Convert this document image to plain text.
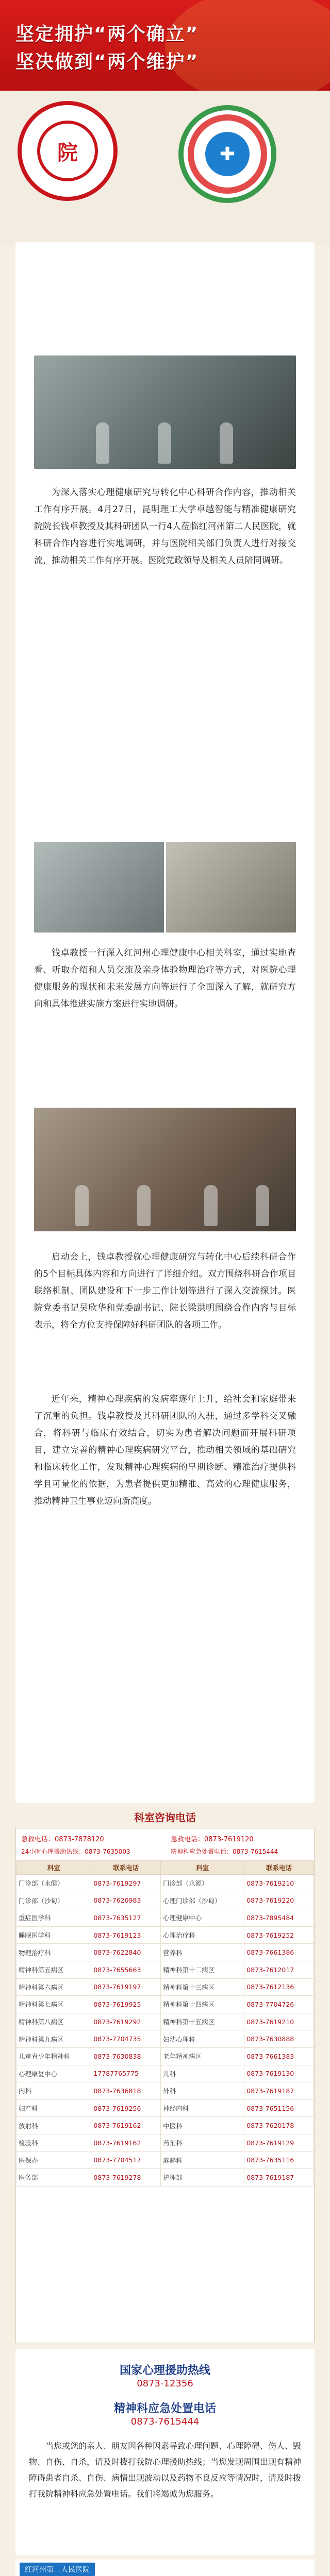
坚定拥护“两个确立”
坚决做到“两个维护”
院	✚
为深入落实心理健康研究与转化中心科研合作内容，推动相关工作有序开展。4月27日，昆明理工大学卓越智能与精准健康研究院院长钱卓教授及其科研团队一行4人莅临红河州第二人民医院，就科研合作内容进行实地调研，并与医院相关部门负责人进行对接交流，推动相关工作有序开展。医院党政领导及相关人员陪同调研。
钱卓教授一行深入红河州心理健康中心相关科室，通过实地查看、听取介绍和人员交流及亲身体验物理治疗等方式，对医院心理健康服务的现状和未来发展方向等进行了全面深入了解，就研究方向和具体推进实施方案进行实地调研。
启动会上，钱卓教授就心理健康研究与转化中心后续科研合作的5个目标具体内容和方向进行了详细介绍。双方围绕科研合作项目联络机制、团队建设和下一步工作计划等进行了深入交流探讨。医院党委书记吴欣华和党委副书记、院长梁洪明围绕合作内容与目标表示，将全方位支持保障好科研团队的各项工作。
近年来，精神心理疾病的发病率逐年上升，给社会和家庭带来了沉重的负担。钱卓教授及其科研团队的入驻，通过多学科交叉融合，将科研与临床有效结合，切实为患者解决问题而开展科研项目，建立完善的精神心理疾病研究平台，推动相关领域的基础研究和临床转化工作，发现精神心理疾病的早期诊断、精准治疗提供科学且可量化的依据，为患者提供更加精准、高效的心理健康服务，推动精神卫生事业迈向新高度。
科室咨询电话
急救电话：0873-7878120	急救电话：0873-7619120
24小时心理援助热线：0873-7635003	精神科应急处置电话：0873-7615444
科室	联系电话	科室	联系电话
门诊部（永健）	0873-7619297	门诊部（永源）	0873-7619210
门诊部（沙甸）	0873-7620983	心理门诊部（沙甸）	0873-7619220
重症医学科	0873-7635127	心理健康中心	0873-7895484
睡眠医学科	0873-7619123	心理治疗科	0873-7619252
物理治疗科	0873-7622840	营养科	0873-7661386
精神科第五病区	0873-7655663	精神科第十二病区	0873-7612017
精神科第六病区	0873-7619197	精神科第十三病区	0873-7612136
精神科第七病区	0873-7619925	精神科第十四病区	0873-7704726
精神科第八病区	0873-7619292	精神科第十五病区	0873-7619210
精神科第九病区	0873-7704735	妇幼心理科	0873-7630888
儿童青少年精神科	0873-7630838	老年精神病区	0873-7661383
心理康复中心	17787765775	儿科	0873-7619130
内科	0873-7636818	外科	0873-7619187
妇产科	0873-7619256	神经内科	0873-7651156
放射科	0873-7619162	中医科	0873-7620178
检验科	0873-7619162	药剂科	0873-7619129
医保办	0873-7704517	麻醉科	0873-7635116
医务部	0873-7619278	护理部	0873-7619187
国家心理援助热线
0873-12356
精神科应急处置电话
0873-7615444
当您或您的亲人、朋友因各种因素导致心理问题、心理障碍、伤人、毁物、自伤、自杀，请及时拨打我院心理援助热线；当您发现周围出现有精神障碍患者自杀、自伤、病情出现波动以及药物不良反应等情况时，请及时拨打我院精神科应急处置电话。我们将竭诚为您服务。
红河州第二人民医院
